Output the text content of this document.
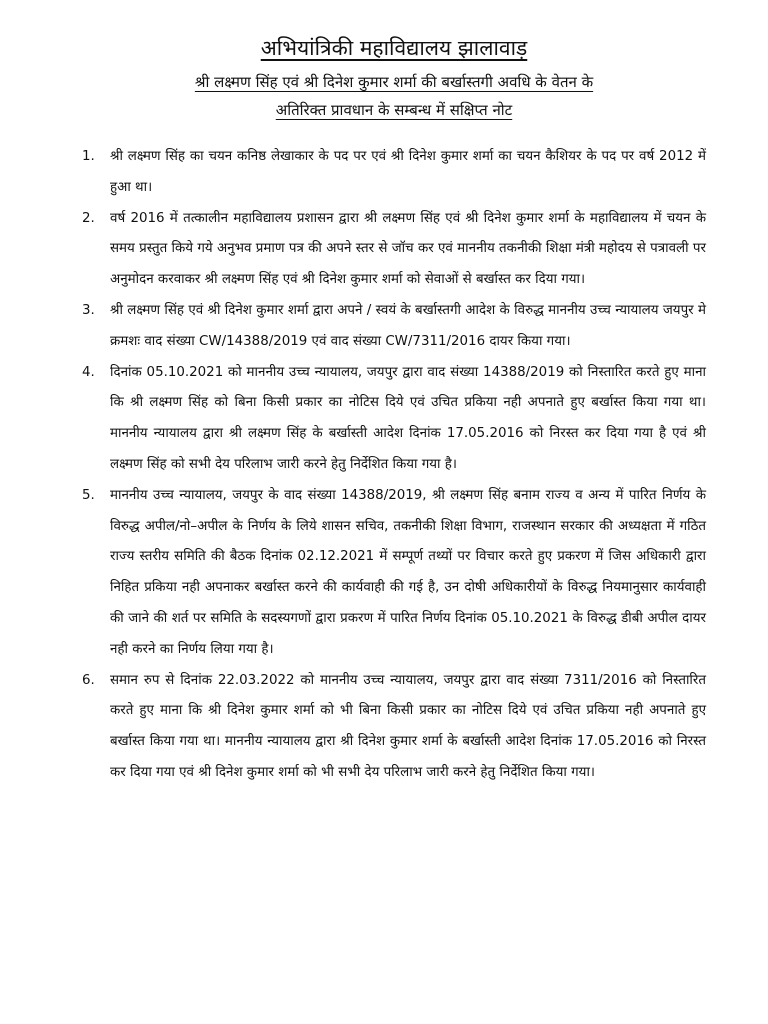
अभियांत्रिकी महाविद्यालय झालावाड़

श्री लक्ष्मण सिंह एवं श्री दिनेश कुमार शर्मा की बर्खास्तगी अवधि के वेतन के

अतिरिक्त प्रावधान के सम्बन्ध में सक्षिप्त नोट

1.	श्री लक्ष्मण सिंह का चयन कनिष्ठ लेखाकार के पद पर एवं श्री दिनेश कुमार शर्मा का चयन कैशियर के पद पर वर्ष 2012 में हुआ था।
2.	वर्ष 2016 में तत्कालीन महाविद्यालय प्रशासन द्वारा श्री लक्ष्मण सिंह एवं श्री दिनेश कुमार शर्मा के महाविद्यालय में चयन के समय प्रस्तुत किये गये अनुभव प्रमाण पत्र की अपने स्तर से जॉच कर एवं माननीय तकनीकी शिक्षा मंत्री महोदय से पत्रावली पर अनुमोदन करवाकर श्री लक्ष्मण सिंह एवं श्री दिनेश कुमार शर्मा को सेवाओं से बर्खास्त कर दिया गया।
3.	श्री लक्ष्मण सिंह एवं श्री दिनेश कुमार शर्मा द्वारा अपने / स्वयं के बर्खास्तगी आदेश के विरुद्ध माननीय उच्च न्यायालय जयपुर मे क्रमशः वाद संख्या CW/14388/2019 एवं वाद संख्या CW/7311/2016 दायर किया गया।
4.	दिनांक 05.10.2021 को माननीय उच्च न्यायालय, जयपुर द्वारा वाद संख्या 14388/2019 को निस्तारित करते हुए माना कि श्री लक्ष्मण सिंह को बिना किसी प्रकार का नोटिस दिये एवं उचित प्रकिया नही अपनाते हुए बर्खास्त किया गया था। माननीय न्यायालय द्वारा श्री लक्ष्मण सिंह के बर्खास्ती आदेश दिनांक 17.05.2016 को निरस्त कर दिया गया है एवं श्री लक्ष्मण सिंह को सभी देय परिलाभ जारी करने हेतु निर्देशित किया गया है।
5.	माननीय उच्च न्यायालय, जयपुर के वाद संख्या 14388/2019, श्री लक्ष्मण सिंह बनाम राज्य व अन्य में पारित निर्णय के विरुद्ध अपील/नो–अपील के निर्णय के लिये शासन सचिव, तकनीकी शिक्षा विभाग, राजस्थान सरकार की अध्यक्षता में गठित राज्य स्तरीय समिति की बैठक दिनांक 02.12.2021 में सम्पूर्ण तथ्यों पर विचार करते हुए प्रकरण में जिस अधिकारी द्वारा निहित प्रकिया नही अपनाकर बर्खास्त करने की कार्यवाही की गई है, उन दोषी अधिकारीयों के विरुद्ध नियमानुसार कार्यवाही की जाने की शर्त पर समिति के सदस्यगणों द्वारा प्रकरण में पारित निर्णय दिनांक 05.10.2021 के विरुद्ध डीबी अपील दायर नही करने का निर्णय लिया गया है।
6.	समान रुप से दिनांक 22.03.2022 को माननीय उच्च न्यायालय, जयपुर द्वारा वाद संख्या 7311/2016 को निस्तारित करते हुए माना कि श्री दिनेश कुमार शर्मा को भी बिना किसी प्रकार का नोटिस दिये एवं उचित प्रकिया नही अपनाते हुए बर्खास्त किया गया था। माननीय न्यायालय द्वारा श्री दिनेश कुमार शर्मा के बर्खास्ती आदेश दिनांक 17.05.2016 को निरस्त कर दिया गया एवं श्री दिनेश कुमार शर्मा को भी सभी देय परिलाभ जारी करने हेतु निर्देशित किया गया।
